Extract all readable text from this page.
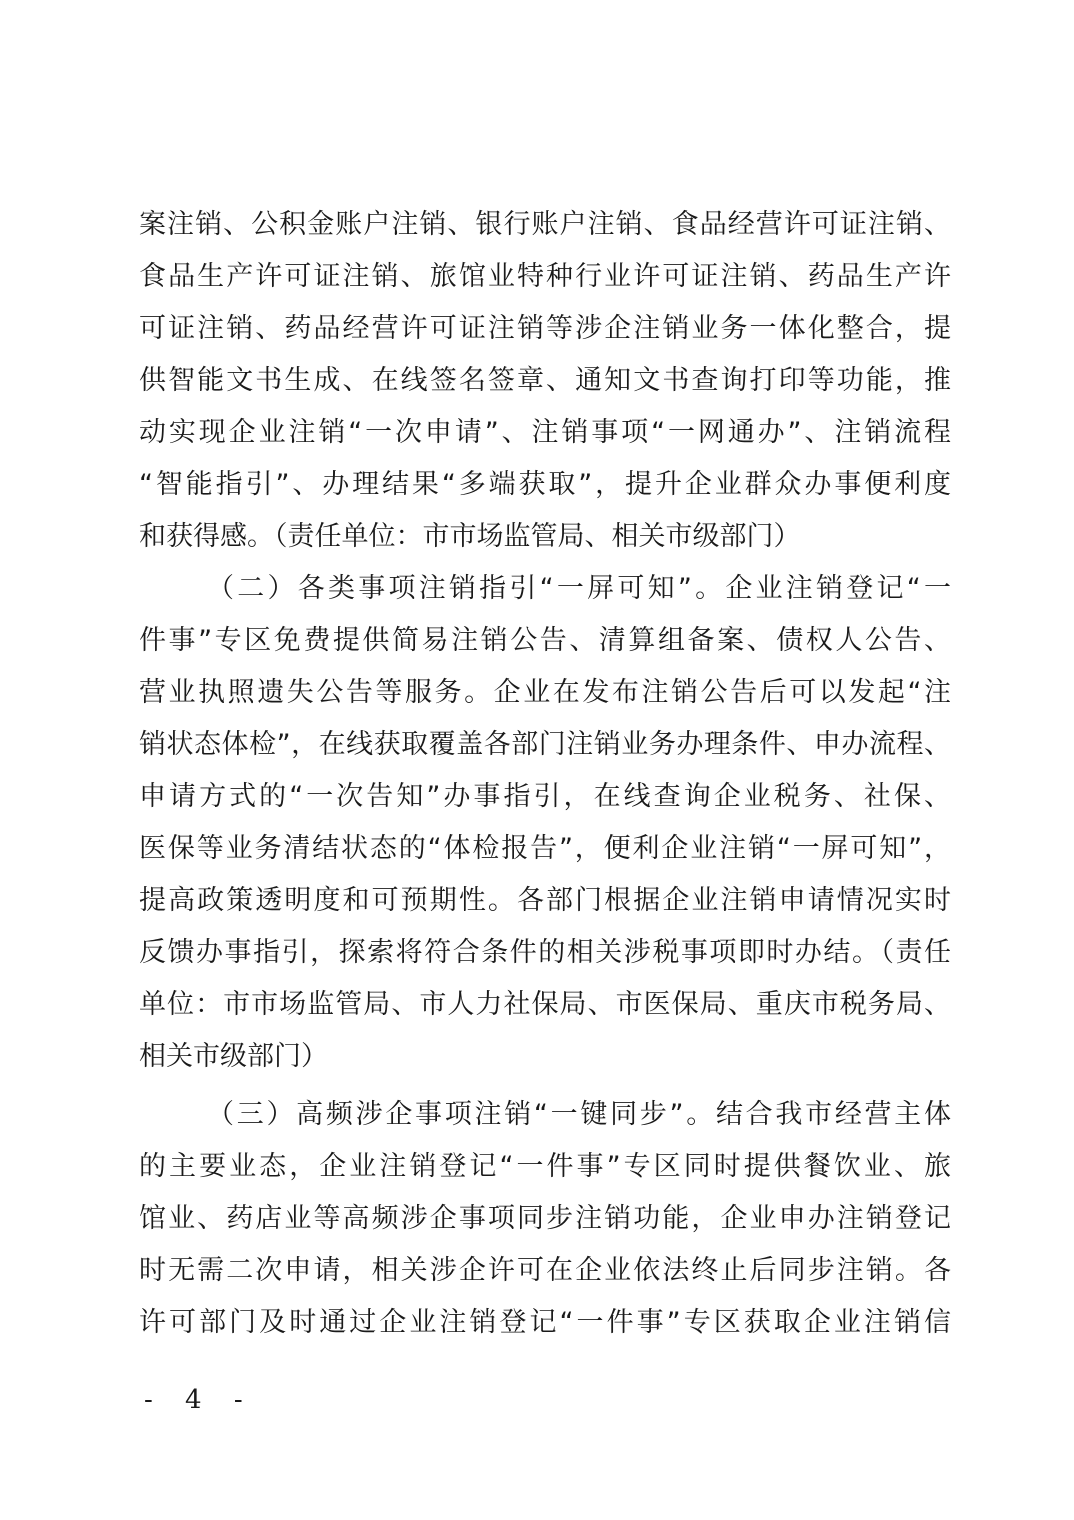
案注销、公积金账户注销、银行账户注销、食品经营许可证注销、
食品生产许可证注销、旅馆业特种行业许可证注销、药品生产许
可证注销、药品经营许可证注销等涉企注销业务一体化整合，提
供智能文书生成、在线签名签章、通知文书查询打印等功能，推
动实现企业注销“一次申请”、注销事项“一网通办”、注销流程
“智能指引”、办理结果“多端获取”，提升企业群众办事便利度
和获得感。（责任单位：市市场监管局、相关市级部门）
（二）各类事项注销指引“一屏可知”。企业注销登记“一
件事”专区免费提供简易注销公告、清算组备案、债权人公告、
营业执照遗失公告等服务。企业在发布注销公告后可以发起“注
销状态体检”，在线获取覆盖各部门注销业务办理条件、申办流程、
申请方式的“一次告知”办事指引，在线查询企业税务、社保、
医保等业务清结状态的“体检报告”，便利企业注销“一屏可知”，
提高政策透明度和可预期性。各部门根据企业注销申请情况实时
反馈办事指引，探索将符合条件的相关涉税事项即时办结。（责任
单位：市市场监管局、市人力社保局、市医保局、重庆市税务局、
相关市级部门）
（三）高频涉企事项注销“一键同步”。结合我市经营主体
的主要业态，企业注销登记“一件事”专区同时提供餐饮业、旅
馆业、药店业等高频涉企事项同步注销功能，企业申办注销登记
时无需二次申请，相关涉企许可在企业依法终止后同步注销。各
许可部门及时通过企业注销登记“一件事”专区获取企业注销信
- 4 -
